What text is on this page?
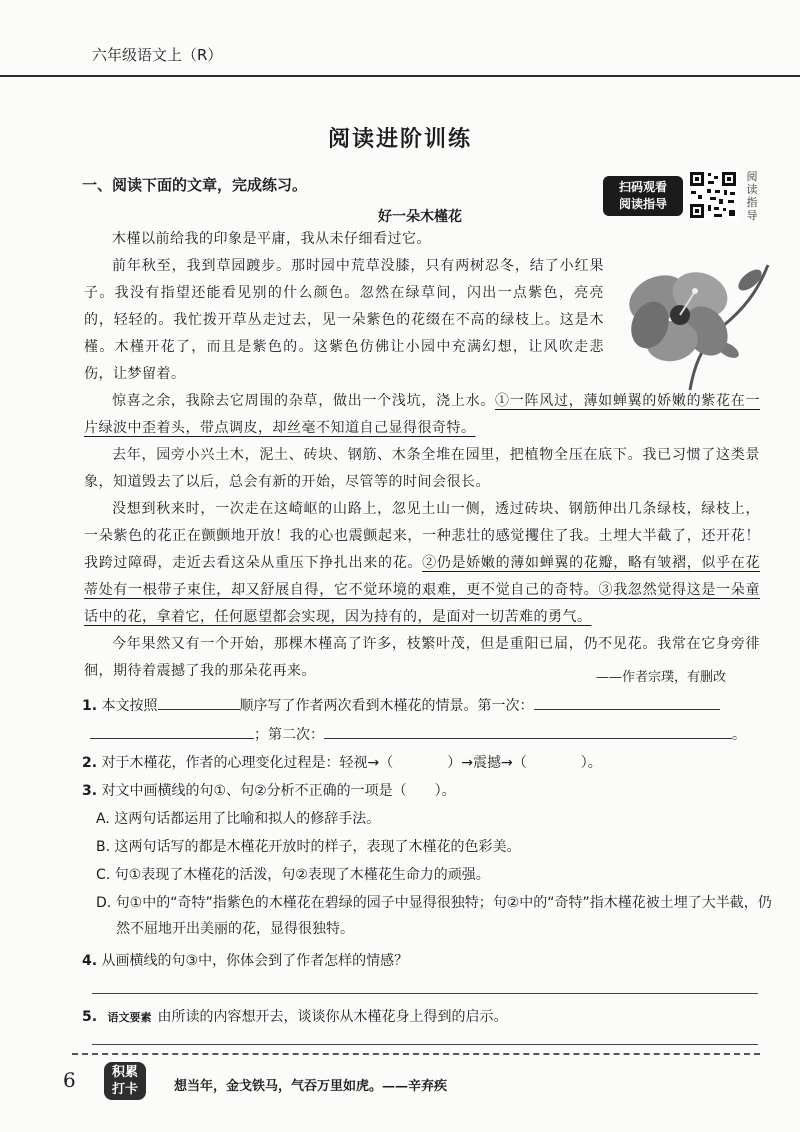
六年级语文上（R）
阅读进阶训练
一、阅读下面的文章，完成练习。	扫码观看
阅读指导
阅读指导
好一朵木槿花
木槿以前给我的印象是平庸，我从未仔细看过它。
前年秋至，我到草园踱步。那时园中荒草没膝，只有两树忍冬，结了小红果子。我没有指望还能看见别的什么颜色。忽然在绿草间，闪出一点紫色，亮亮的，轻轻的。我忙拨开草丛走过去，见一朵紫色的花缀在不高的绿枝上。这是木槿。木槿开花了，而且是紫色的。这紫色仿佛让小园中充满幻想，让风吹走悲伤，让梦留着。
惊喜之余，我除去它周围的杂草，做出一个浅坑，浇上水。①一阵风过，薄如蝉翼的娇嫩的紫花在一片绿波中歪着头，带点调皮，却丝毫不知道自己显得很奇特。
去年，园旁小兴土木，泥土、砖块、钢筋、木条全堆在园里，把植物全压在底下。我已习惯了这类景象，知道毁去了以后，总会有新的开始，尽管等的时间会很长。
没想到秋来时，一次走在这崎岖的山路上，忽见土山一侧，透过砖块、钢筋伸出几条绿枝，绿枝上，一朵紫色的花正在颤颤地开放！我的心也震颤起来，一种悲壮的感觉攫住了我。土埋大半截了，还开花！我跨过障碍，走近去看这朵从重压下挣扎出来的花。②仍是娇嫩的薄如蝉翼的花瓣，略有皱褶，似乎在花蒂处有一根带子束住，却又舒展自得，它不觉环境的艰难，更不觉自己的奇特。③我忽然觉得这是一朵童话中的花，拿着它，任何愿望都会实现，因为持有的，是面对一切苦难的勇气。
今年果然又有一个开始，那棵木槿高了许多，枝繁叶茂，但是重阳已届，仍不见花。我常在它身旁徘徊，期待着震撼了我的那朵花再来。	——作者宗璞，有删改
1. 本文按照	顺序写了作者两次看到木槿花的情景。第一次：
；第二次：	。
2. 对于木槿花，作者的心理变化过程是：轻视→（	）→震撼→（	）。
3. 对文中画横线的句①、句②分析不正确的一项是（　　）。
A. 这两句话都运用了比喻和拟人的修辞手法。
B. 这两句话写的都是木槿花开放时的样子，表现了木槿花的色彩美。
C. 句①表现了木槿花的活泼，句②表现了木槿花生命力的顽强。
D. 句①中的“奇特”指紫色的木槿花在碧绿的园子中显得很独特；句②中的“奇特”指木槿花被土埋了大半截，仍然不屈地开出美丽的花，显得很独特。
4. 从画横线的句③中，你体会到了作者怎样的情感？
5. 语文要素 由所读的内容想开去，谈谈你从木槿花身上得到的启示。
6	积累
打卡	想当年，金戈铁马，气吞万里如虎。——辛弃疾
